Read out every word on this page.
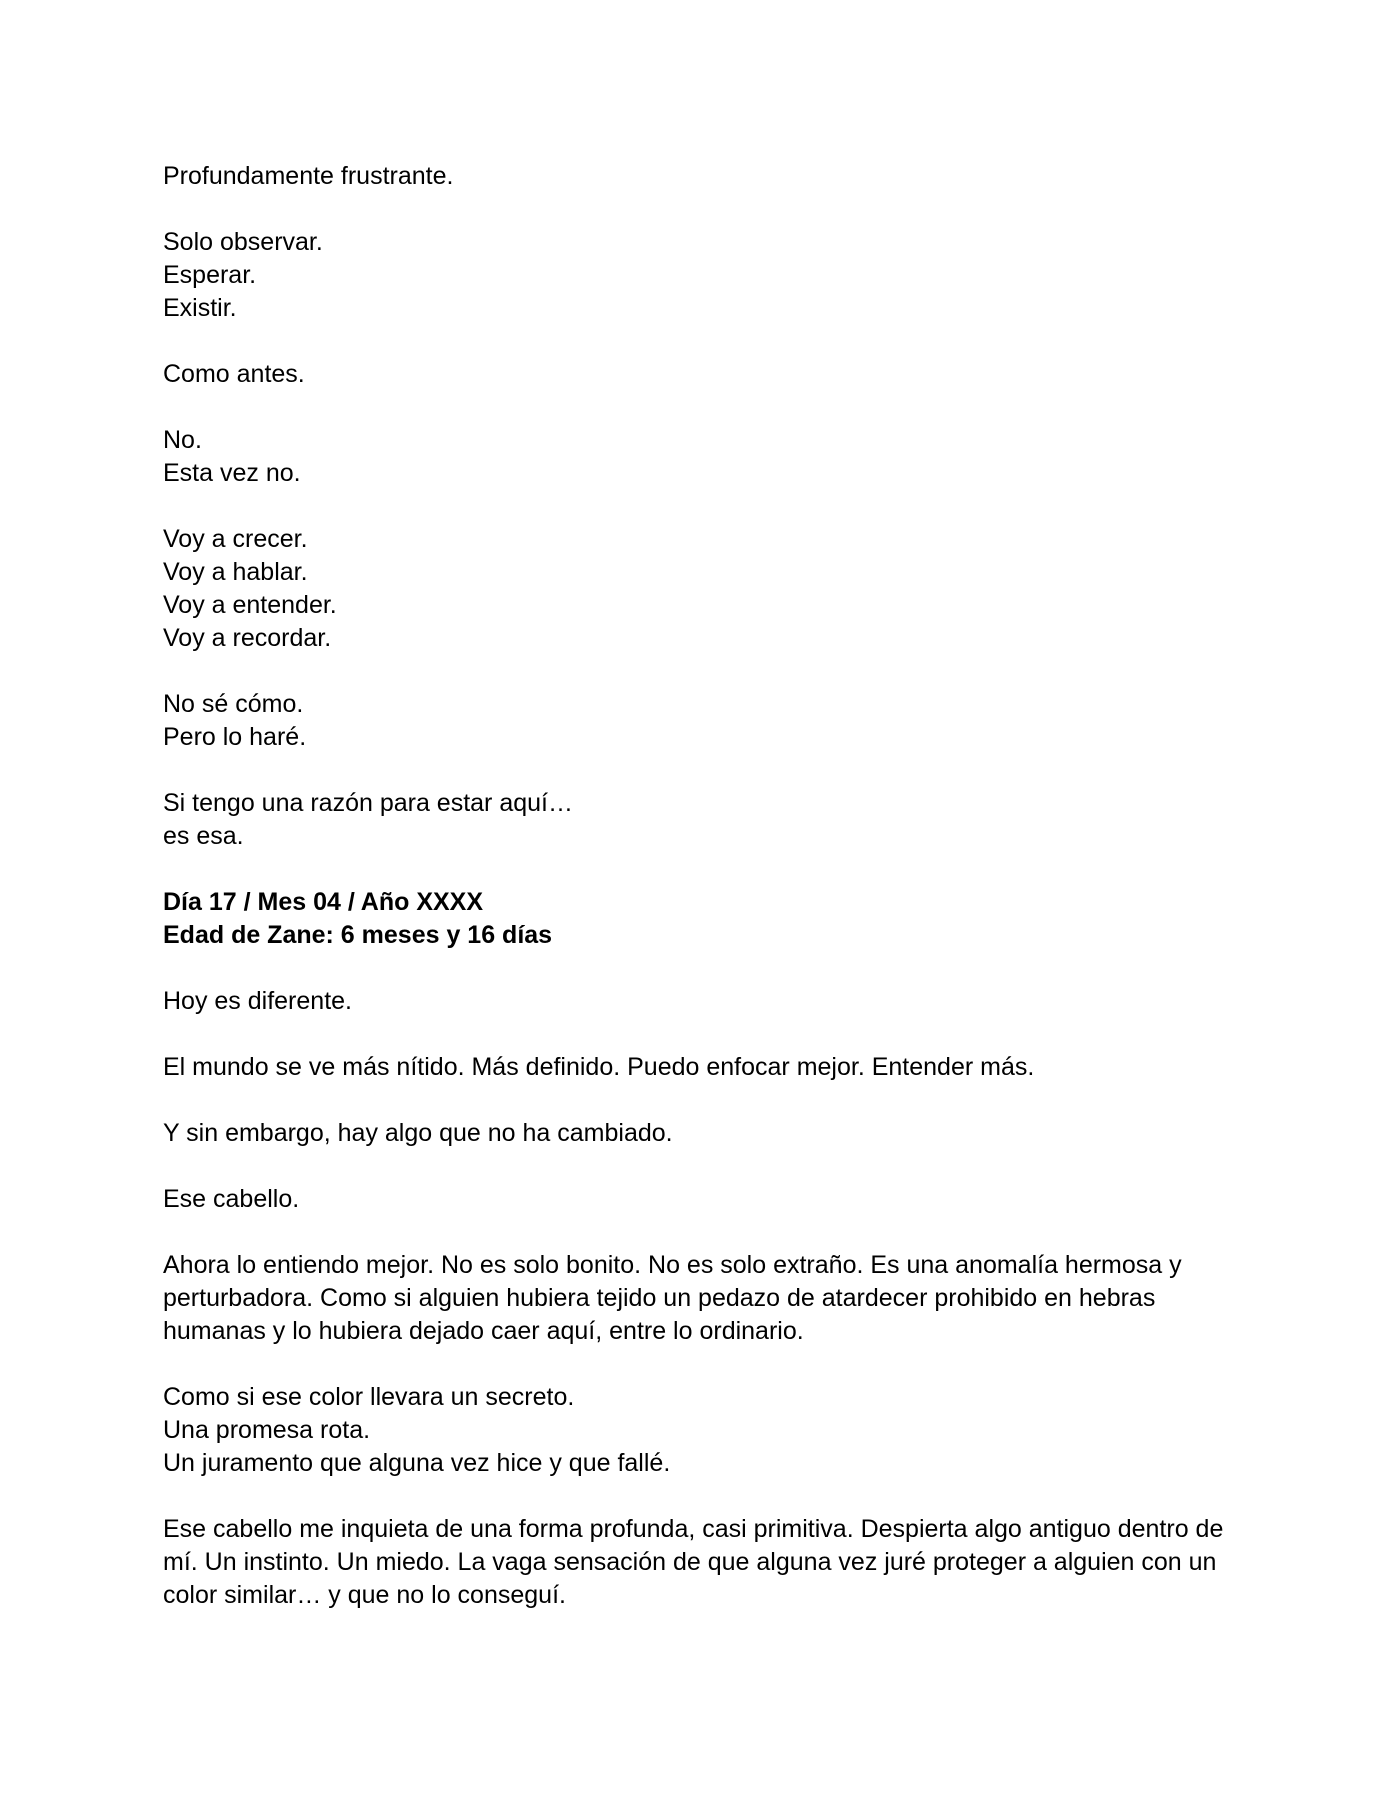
Profundamente frustrante.
Solo observar.
Esperar.
Existir.
Como antes.
No.
Esta vez no.
Voy a crecer.
Voy a hablar.
Voy a entender.
Voy a recordar.
No sé cómo.
Pero lo haré.
Si tengo una razón para estar aquí…
es esa.
Día 17 / Mes 04 / Año XXXX
Edad de Zane: 6 meses y 16 días
Hoy es diferente.
El mundo se ve más nítido. Más definido. Puedo enfocar mejor. Entender más.
Y sin embargo, hay algo que no ha cambiado.
Ese cabello.
Ahora lo entiendo mejor. No es solo bonito. No es solo extraño. Es una anomalía hermosa y
perturbadora. Como si alguien hubiera tejido un pedazo de atardecer prohibido en hebras
humanas y lo hubiera dejado caer aquí, entre lo ordinario.
Como si ese color llevara un secreto.
Una promesa rota.
Un juramento que alguna vez hice y que fallé.
Ese cabello me inquieta de una forma profunda, casi primitiva. Despierta algo antiguo dentro de
mí. Un instinto. Un miedo. La vaga sensación de que alguna vez juré proteger a alguien con un
color similar… y que no lo conseguí.
